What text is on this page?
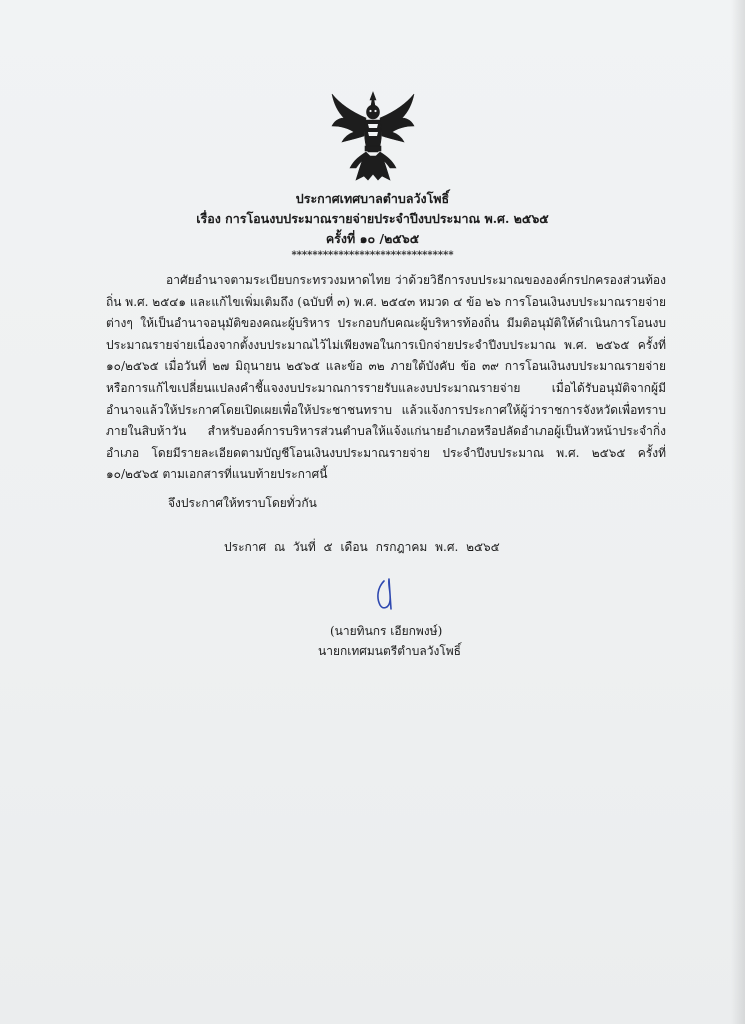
ประกาศเทศบาลตำบลวังโพธิ์
เรื่อง การโอนงบประมาณรายจ่ายประจำปีงบประมาณ พ.ศ. ๒๕๖๕
ครั้งที่ ๑๐ /๒๕๖๕
*******************************
อาศัยอำนาจตามระเบียบกระทรวงมหาดไทย ว่าด้วยวิธีการงบประมาณขององค์กรปกครองส่วนท้องถิ่น พ.ศ. ๒๕๔๑ และแก้ไขเพิ่มเติมถึง (ฉบับที่ ๓) พ.ศ. ๒๕๔๓ หมวด ๔ ข้อ ๒๖ การโอนเงินงบประมาณรายจ่ายต่างๆ ให้เป็นอำนาจอนุมัติของคณะผู้บริหาร ประกอบกับคณะผู้บริหารท้องถิ่น มีมติอนุมัติให้ดำเนินการโอนงบประมาณรายจ่ายเนื่องจากตั้งงบประมาณไว้ไม่เพียงพอในการเบิกจ่ายประจำปีงบประมาณ พ.ศ. ๒๕๖๕ ครั้งที่ ๑๐/๒๕๖๕ เมื่อวันที่ ๒๗ มิถุนายน ๒๕๖๕ และข้อ ๓๒ ภายใต้บังคับ ข้อ ๓๙ การโอนเงินงบประมาณรายจ่าย หรือการแก้ไขเปลี่ยนแปลงคำชี้แจงงบประมาณการรายรับและงบประมาณรายจ่าย เมื่อได้รับอนุมัติจากผู้มีอำนาจแล้วให้ประกาศโดยเปิดเผยเพื่อให้ประชาชนทราบ แล้วแจ้งการประกาศให้ผู้ว่าราชการจังหวัดเพื่อทราบภายในสิบห้าวัน สำหรับองค์การบริหารส่วนตำบลให้แจ้งแก่นายอำเภอหรือปลัดอำเภอผู้เป็นหัวหน้าประจำกิ่งอำเภอ โดยมีรายละเอียดตามบัญชีโอนเงินงบประมาณรายจ่าย ประจำปีงบประมาณ พ.ศ. ๒๕๖๕ ครั้งที่ ๑๐/๒๕๖๕ ตามเอกสารที่แนบท้ายประกาศนี้
จึงประกาศให้ทราบโดยทั่วกัน
ประกาศ ณ วันที่ ๕ เดือน กรกฎาคม พ.ศ. ๒๕๖๕
(นายทินกร เอียกพงษ์)
นายกเทศมนตรีตำบลวังโพธิ์
